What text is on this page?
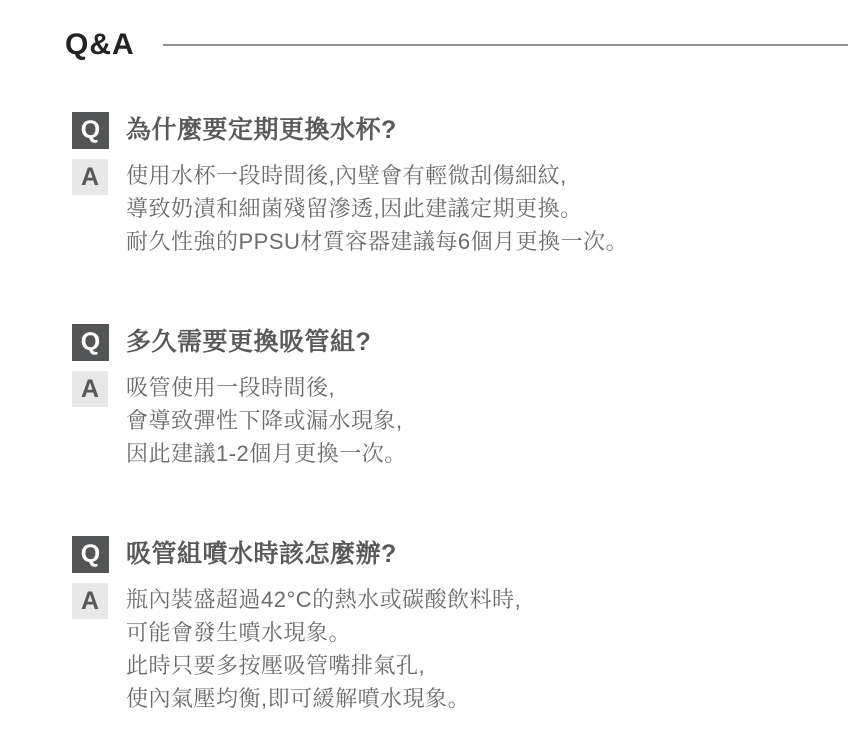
Q&A
Q	為什麼要定期更換水杯?
A	使用水杯一段時間後,內壁會有輕微刮傷細紋,
導致奶漬和細菌殘留滲透,因此建議定期更換。
耐久性強的PPSU材質容器建議每6個月更換一次。

Q	多久需要更換吸管組?
A	吸管使用一段時間後,
會導致彈性下降或漏水現象,
因此建議1-2個月更換一次。

Q	吸管組噴水時該怎麼辦?
A	瓶內裝盛超過42°C的熱水或碳酸飲料時,
可能會發生噴水現象。
此時只要多按壓吸管嘴排氣孔,
使內氣壓均衡,即可緩解噴水現象。
